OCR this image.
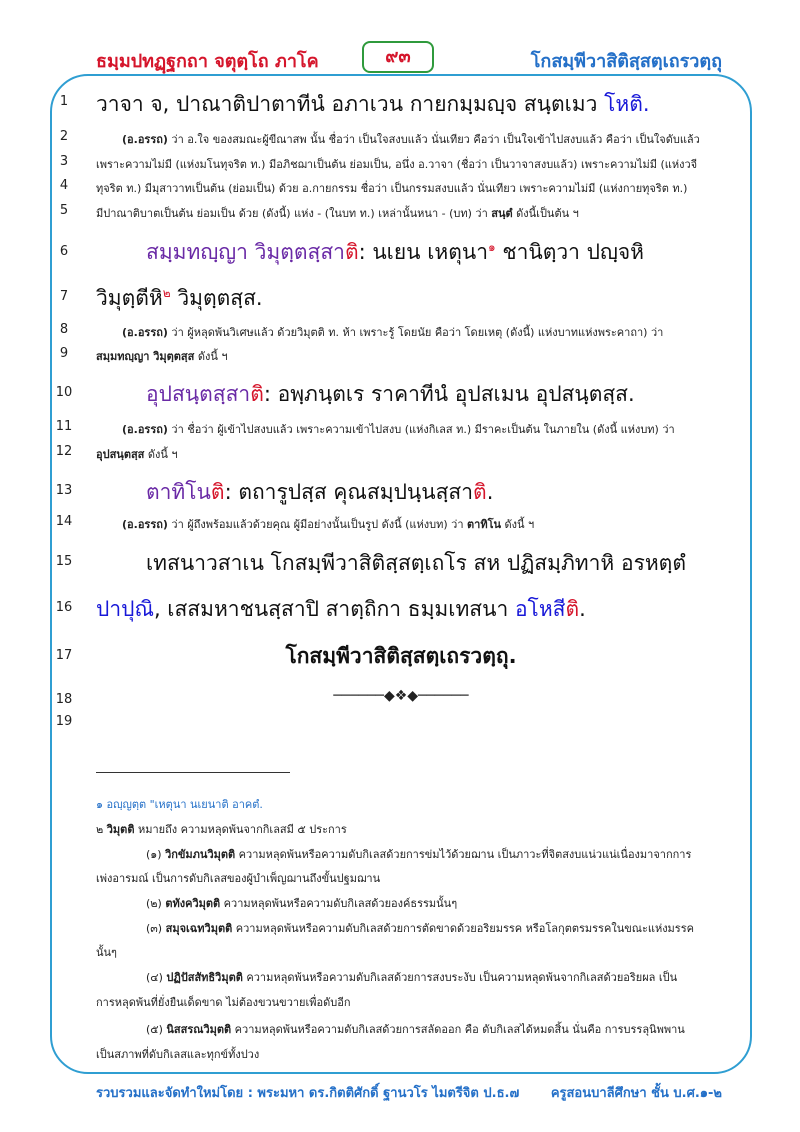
ธมฺมปทฏฺฐกถา จตุตฺโถ ภาโค	๙๓	โกสมฺพีวาสิติสฺสตฺเถรวตฺถุ
1
2
3
4
5
6
7
8
9
10
11
12
13
14
15
16
17
18
19
วาจา จ, ปาณาติปาตาทีนํ อภาเวน กายกมฺมญฺจ สนฺตเมว โหติ.
(อ.อรรถ) ว่า อ.ใจ ของสมณะผู้ขีณาสพ นั้น ชื่อว่า เป็นใจสงบแล้ว นั่นเทียว คือว่า เป็นใจเข้าไปสงบแล้ว คือว่า เป็นใจดับแล้ว
เพราะความไม่มี (แห่งมโนทุจริต ท.) มีอภิชฌาเป็นต้น ย่อมเป็น, อนึ่ง อ.วาจา (ชื่อว่า เป็นวาจาสงบแล้ว) เพราะความไม่มี (แห่งวจี
ทุจริต ท.) มีมุสาวาทเป็นต้น (ย่อมเป็น) ด้วย อ.กายกรรม ชื่อว่า เป็นกรรมสงบแล้ว นั่นเทียว เพราะความไม่มี (แห่งกายทุจริต ท.)
มีปาณาติบาตเป็นต้น ย่อมเป็น ด้วย (ดังนี้) แห่ง - (ในบท ท.) เหล่านั้นหนา - (บท) ว่า สนฺตํ ดังนี้เป็นต้น ฯ
สมฺมทญฺญา วิมุตฺตสฺสาติ: นเยน เหตุนา$^๑$ ชานิตฺวา ปญฺจหิ
วิมุตฺตีหิ$^๒$ วิมุตฺตสฺส.
(อ.อรรถ) ว่า ผู้หลุดพ้นวิเศษแล้ว ด้วยวิมุตติ ท. ห้า เพราะรู้ โดยนัย คือว่า โดยเหตุ (ดังนี้) แห่งบาทแห่งพระคาถา) ว่า
สมฺมทญฺญา วิมุตฺตสฺส ดังนี้ ฯ
อุปสนฺตสฺสาติ: อพฺภนฺตเร ราคาทีนํ อุปสเมน อุปสนฺตสฺส.
(อ.อรรถ) ว่า ชื่อว่า ผู้เข้าไปสงบแล้ว เพราะความเข้าไปสงบ (แห่งกิเลส ท.) มีราคะเป็นต้น ในภายใน (ดังนี้ แห่งบท) ว่า
อุปสนฺตสฺส ดังนี้ ฯ
ตาทิโนติ: ตถารูปสฺส คุณสมฺปนฺนสฺสาติ.
(อ.อรรถ) ว่า ผู้ถึงพร้อมแล้วด้วยคุณ ผู้มีอย่างนั้นเป็นรูป ดังนี้ (แห่งบท) ว่า ตาทิโน ดังนี้ ฯ
เทสนาวสาเน โกสมฺพีวาสิติสฺสตฺเถโร สห ปฏิสมฺภิทาหิ อรหตฺตํ
ปาปุณิ, เสสมหาชนสฺสาปิ สาตฺถิกา ธมฺมเทสนา อโหสีติ.
โกสมฺพีวาสิติสฺสตฺเถรวตฺถุ.
──────◆❖◆──────
๑ อญฺญตฺต "เหตุนา นเยนาติ อาคตํ.
๒ วิมุตติ หมายถึง ความหลุดพ้นจากกิเลสมี ๕ ประการ
(๑) วิกขัมภนวิมุตติ ความหลุดพ้นหรือความดับกิเลสด้วยการข่มไว้ด้วยฌาน เป็นภาวะที่จิตสงบแน่วแน่เนื่องมาจากการ
เพ่งอารมณ์ เป็นการดับกิเลสของผู้บำเพ็ญฌานถึงขั้นปฐมฌาน
(๒) ตทังควิมุตติ ความหลุดพ้นหรือความดับกิเลสด้วยองค์ธรรมนั้นๆ
(๓) สมุจเฉทวิมุตติ ความหลุดพ้นหรือความดับกิเลสด้วยการตัดขาดด้วยอริยมรรค หรือโลกุตตรมรรคในขณะแห่งมรรค
นั้นๆ
(๔) ปฏิปัสสัทธิวิมุตติ ความหลุดพ้นหรือความดับกิเลสด้วยการสงบระงับ เป็นความหลุดพ้นจากกิเลสด้วยอริยผล เป็น
การหลุดพ้นที่ยั่งยืนเด็ดขาด ไม่ต้องขวนขวายเพื่อดับอีก
(๕) นิสสรณวิมุตติ ความหลุดพ้นหรือความดับกิเลสด้วยการสลัดออก คือ ดับกิเลสได้หมดสิ้น นั่นคือ การบรรลุนิพพาน
เป็นสภาพที่ดับกิเลสและทุกข์ทั้งปวง
รวบรวมและจัดทำใหม่โดย : พระมหา ดร.กิตติศักดิ์ ฐานวโร ไมตรีจิต ป.ธ.๗ ครูสอนบาลีศึกษา ชั้น บ.ศ.๑-๒
